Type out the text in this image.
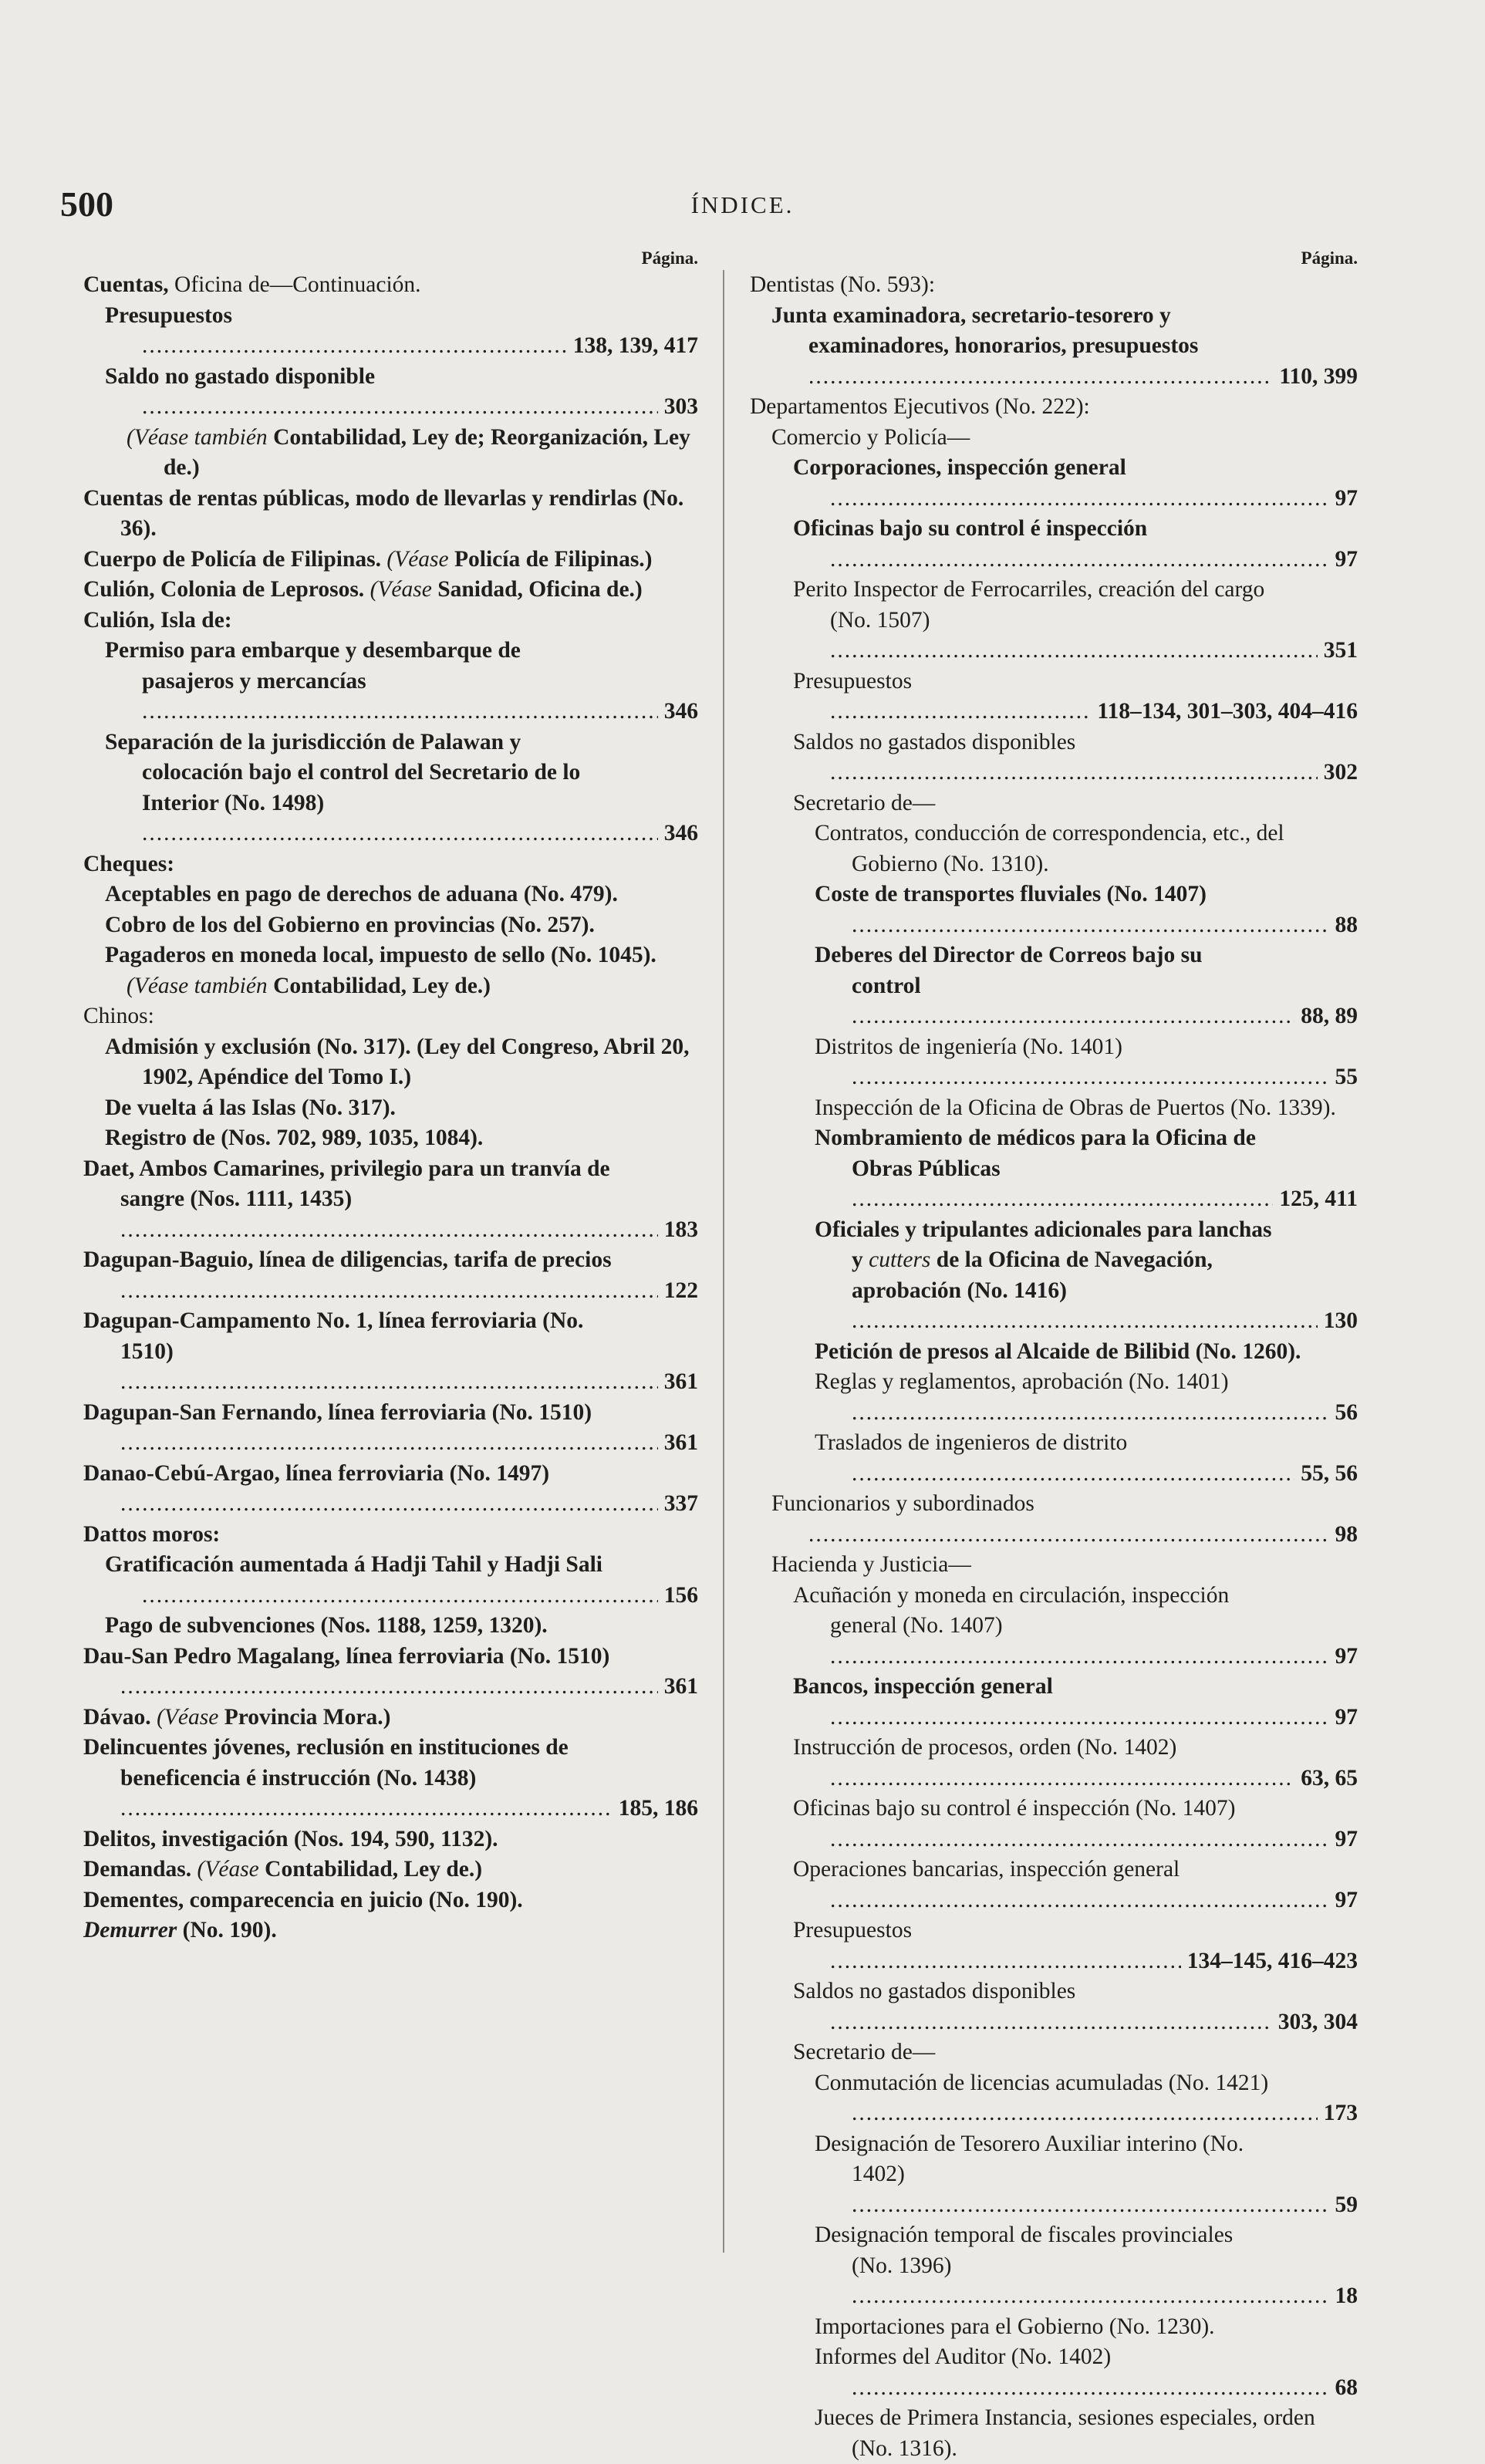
500	ÍNDICE.
Página.
Cuentas, Oficina de—Continuación.
Presupuestos .....
138, 139, 417
Saldo no gastado disponible .....
303
(Véase también Contabilidad, Ley de; Reorganización, Ley de.)
Cuentas de rentas públicas, modo de llevarlas y rendirlas (No. 36).
Cuerpo de Policía de Filipinas. (Véase Policía de Filipinas.)
Culión, Colonia de Leprosos. (Véase Sanidad, Oficina de.)
Culión, Isla de:
Permiso para embarque y desembarque de pasajeros y mercancías .....
346
Separación de la jurisdicción de Palawan y colocación bajo el control del Secretario de lo Interior (No. 1498) .....
346
Cheques:
Aceptables en pago de derechos de aduana (No. 479).
Cobro de los del Gobierno en provincias (No. 257).
Pagaderos en moneda local, impuesto de sello (No. 1045).
(Véase también Contabilidad, Ley de.)
Chinos:
Admisión y exclusión (No. 317). (Ley del Congreso, Abril 20, 1902, Apéndice del Tomo I.)
De vuelta á las Islas (No. 317).
Registro de (Nos. 702, 989, 1035, 1084).
Daet, Ambos Camarines, privilegio para un tranvía de sangre (Nos. 1111, 1435) .....
183
Dagupan-Baguio, línea de diligencias, tarifa de precios .....
122
Dagupan-Campamento No. 1, línea ferroviaria (No. 1510) .....
361
Dagupan-San Fernando, línea ferroviaria (No. 1510) .....
361
Danao-Cebú-Argao, línea ferroviaria (No. 1497) .....
337
Dattos moros:
Gratificación aumentada á Hadji Tahil y Hadji Sali .....
156
Pago de subvenciones (Nos. 1188, 1259, 1320).
Dau-San Pedro Magalang, línea ferroviaria (No. 1510) .....
361
Dávao. (Véase Provincia Mora.)
Delincuentes jóvenes, reclusión en instituciones de beneficencia é instrucción (No. 1438) .....
185, 186
Delitos, investigación (Nos. 194, 590, 1132).
Demandas. (Véase Contabilidad, Ley de.)
Dementes, comparecencia en juicio (No. 190).
Demurrer (No. 190).
Página.
Dentistas (No. 593):
Junta examinadora, secretario-tesorero y examinadores, honorarios, presupuestos .....
110, 399
Departamentos Ejecutivos (No. 222):
Comercio y Policía—
Corporaciones, inspección general .....
97
Oficinas bajo su control é inspección .....
97
Perito Inspector de Ferrocarriles, creación del cargo (No. 1507) .....
351
Presupuestos .....
118–134, 301–303, 404–416
Saldos no gastados disponibles .....
302
Secretario de—
Contratos, conducción de correspondencia, etc., del Gobierno (No. 1310).
Coste de transportes fluviales (No. 1407) .....
88
Deberes del Director de Correos bajo su control .....
88, 89
Distritos de ingeniería (No. 1401) .....
55
Inspección de la Oficina de Obras de Puertos (No. 1339).
Nombramiento de médicos para la Oficina de Obras Públicas .....
125, 411
Oficiales y tripulantes adicionales para lanchas y cutters de la Oficina de Navegación, aprobación (No. 1416) .....
130
Petición de presos al Alcaide de Bilibid (No. 1260).
Reglas y reglamentos, aprobación (No. 1401) .....
56
Traslados de ingenieros de distrito .....
55, 56
Funcionarios y subordinados .....
98
Hacienda y Justicia—
Acuñación y moneda en circulación, inspección general (No. 1407) .....
97
Bancos, inspección general .....
97
Instrucción de procesos, orden (No. 1402) .....
63, 65
Oficinas bajo su control é inspección (No. 1407) .....
97
Operaciones bancarias, inspección general .....
97
Presupuestos .....
134–145, 416–423
Saldos no gastados disponibles .....
303, 304
Secretario de—
Conmutación de licencias acumuladas (No. 1421) .....
173
Designación de Tesorero Auxiliar interino (No. 1402) .....
59
Designación temporal de fiscales provinciales (No. 1396) .....
18
Importaciones para el Gobierno (No. 1230).
Informes del Auditor (No. 1402) .....
68
Jueces de Primera Instancia, sesiones especiales, orden (No. 1316).
